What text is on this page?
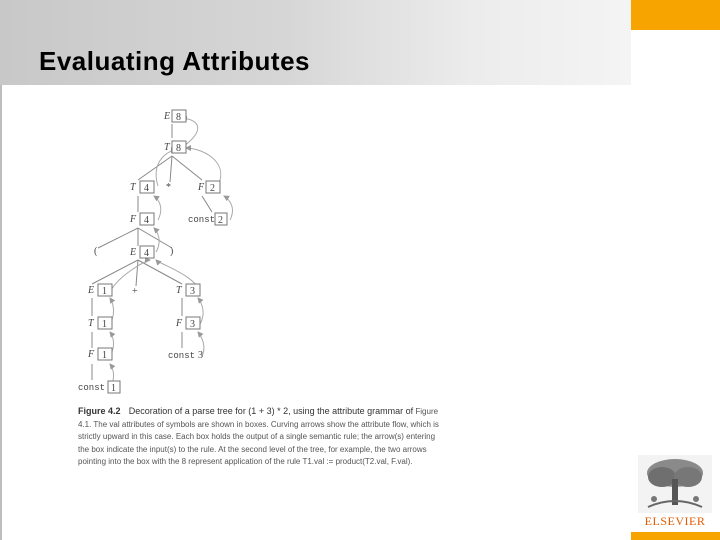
Evaluating Attributes
E 8
T 8
T 4 *	F 2
F 4	const 2
(	E 4 )
E 1	+	T 3
T 1	F 3
F 1	const 3
const 1

Figure 4.2 Decoration of a parse tree for (1 + 3) * 2, using the attribute grammar of Figure 4.1. The val attributes of symbols are shown in boxes. Curving arrows show the attribute flow, which is strictly upward in this case. Each box holds the output of a single semantic rule; the arrow(s) entering the box indicate the input(s) to the rule. At the second level of the tree, for example, the two arrows pointing into the box with the 8 represent application of the rule T1.val := product(T2.val, F.val).

ELSEVIER
